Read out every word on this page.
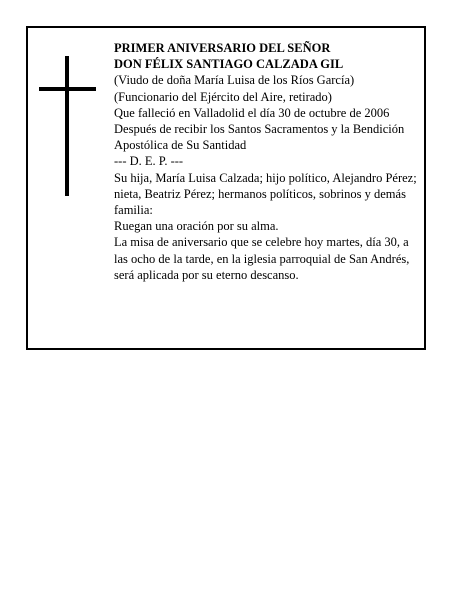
PRIMER ANIVERSARIO DEL SEÑOR
DON FÉLIX SANTIAGO CALZADA GIL
(Viudo de doña María Luisa de los Ríos García)
(Funcionario del Ejército del Aire, retirado)
Que falleció en Valladolid el día 30 de octubre de 2006
Después de recibir los Santos Sacramentos y la Bendición Apostólica de Su Santidad
--- D. E. P. ---
Su hija, María Luisa Calzada; hijo político, Alejandro Pérez; nieta, Beatriz Pérez; hermanos políticos, sobrinos y demás familia:
Ruegan una oración por su alma.
La misa de aniversario que se celebre hoy martes, día 30, a las ocho de la tarde, en la iglesia parroquial de San Andrés, será aplicada por su eterno descanso.
